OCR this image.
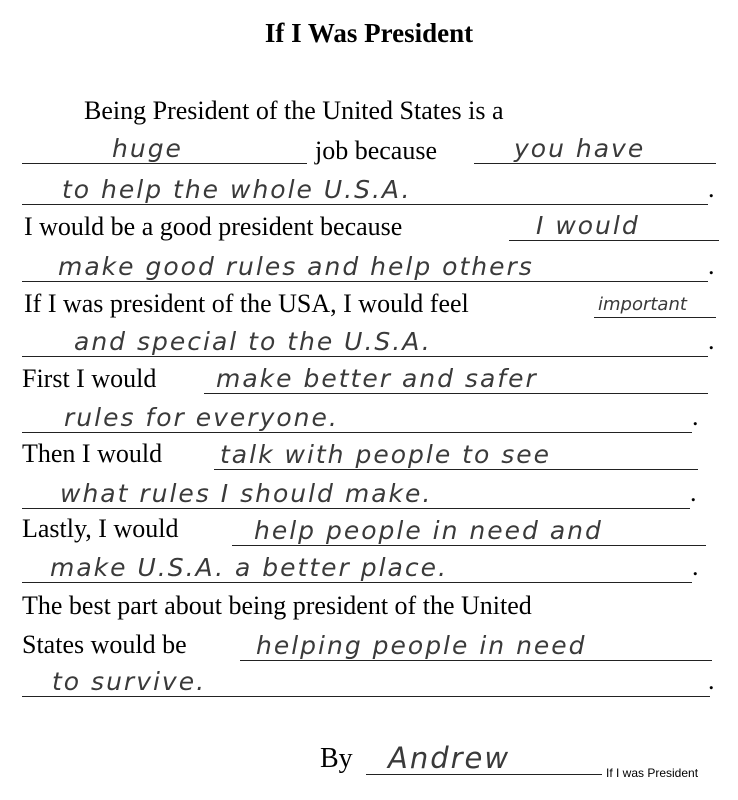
If I Was President
Being President of the United States is a
huge	job because	you have
to help the whole U.S.A.	.
I would be a good president because	I would
make good rules and help others	.
If I was president of the USA, I would feel	important
and special to the U.S.A.	.
First I would make better and safer
rules for everyone.	.
Then I would talk with people to see
what rules I should make.	.
Lastly, I would	help people in need and
make U.S.A. a better place.	.
The best part about being president of the United
States would be	helping people in need
to survive.	.
By Andrew	If I was President
